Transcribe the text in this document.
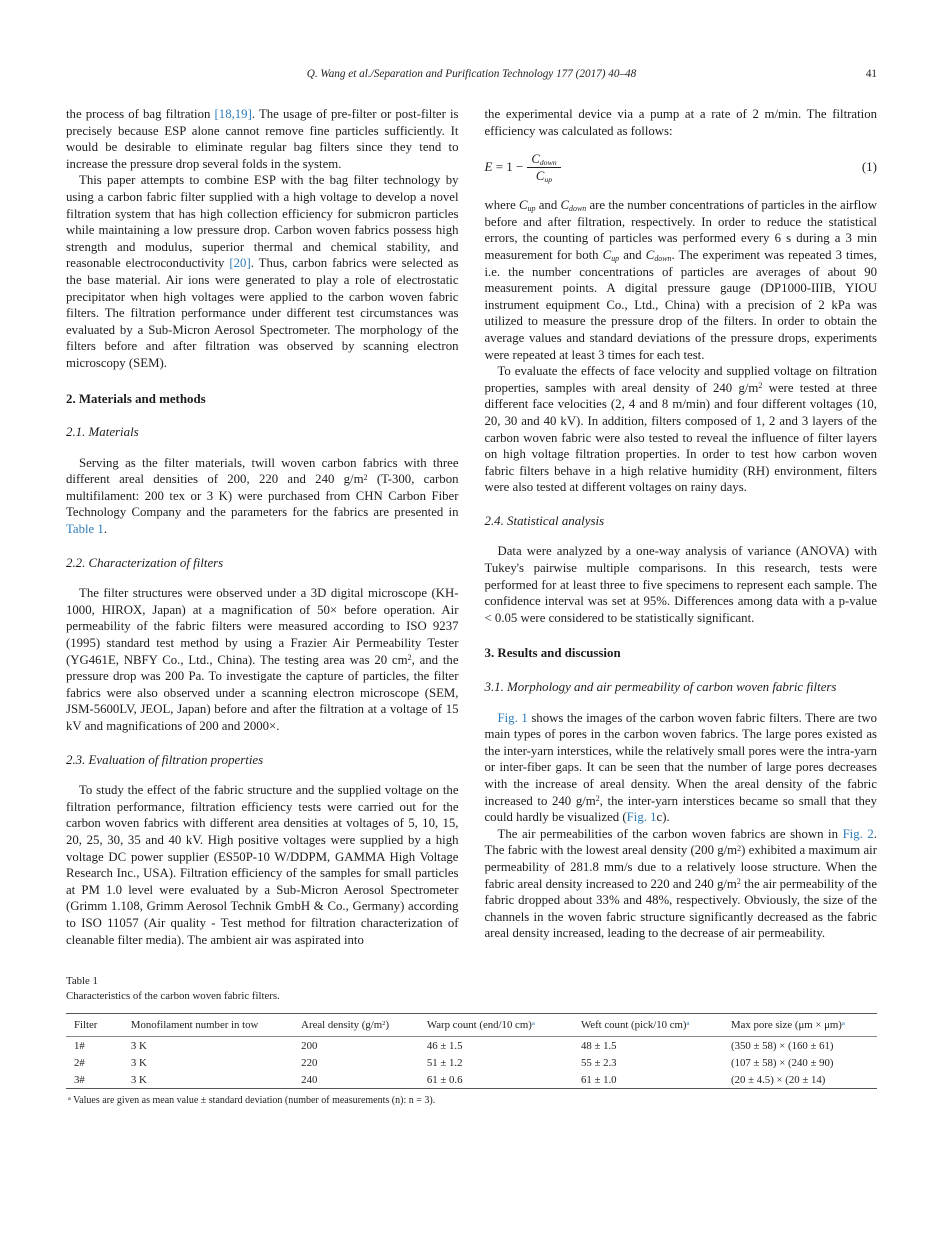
Q. Wang et al./Separation and Purification Technology 177 (2017) 40–48	41

the process of bag filtration [18,19]. The usage of pre-filter or post-filter is precisely because ESP alone cannot remove fine particles sufficiently. It would be desirable to eliminate regular bag filters since they tend to increase the pressure drop several folds in the system.

This paper attempts to combine ESP with the bag filter technology by using a carbon fabric filter supplied with a high voltage to develop a novel filtration system that has high collection efficiency for submicron particles while maintaining a low pressure drop. Carbon woven fabrics possess high strength and modulus, superior thermal and chemical stability, and reasonable electroconductivity [20]. Thus, carbon fabrics were selected as the base material. Air ions were generated to play a role of electrostatic precipitator when high voltages were applied to the carbon woven fabric filters. The filtration performance under different test circumstances was evaluated by a Sub-Micron Aerosol Spectrometer. The morphology of the filters before and after filtration was observed by scanning electron microscopy (SEM).

2. Materials and methods
2.1. Materials

Serving as the filter materials, twill woven carbon fabrics with three different areal densities of 200, 220 and 240 $g/m^2$ (T-300, carbon multifilament: 200 tex or 3 K) were purchased from CHN Carbon Fiber Technology Company and the parameters for the fabrics are presented in Table 1.

2.2. Characterization of filters

The filter structures were observed under a 3D digital microscope (KH-1000, HIROX, Japan) at a magnification of 50× before operation. Air permeability of the fabric filters were measured according to ISO 9237 (1995) standard test method by using a Frazier Air Permeability Tester (YG461E, NBFY Co., Ltd., China). The testing area was 20 $cm^2$, and the pressure drop was 200 Pa. To investigate the capture of particles, the filter fabrics were also observed under a scanning electron microscope (SEM, JSM-5600LV, JEOL, Japan) before and after the filtration at a voltage of 15 kV and magnifications of 200 and 2000×.

2.3. Evaluation of filtration properties

To study the effect of the fabric structure and the supplied voltage on the filtration performance, filtration efficiency tests were carried out for the carbon woven fabrics with different area densities at voltages of 5, 10, 15, 20, 25, 30, 35 and 40 kV. High positive voltages were supplied by a high voltage DC power supplier (ES50P-10 W/DDPM, GAMMA High Voltage Research Inc., USA). Filtration efficiency of the samples for small particles at PM 1.0 level were evaluated by a Sub-Micron Aerosol Spectrometer (Grimm 1.108, Grimm Aerosol Technik GmbH & Co., Germany) according to ISO 11057 (Air quality - Test method for filtration characterization of cleanable filter media). The ambient air was aspirated into

the experimental device via a pump at a rate of 2 m/min. The filtration efficiency was calculated as follows:

$E = 1 - \frac{\text{Cdown}}{\text{Cup}}$	(1)

where Cup and Cdown are the number concentrations of particles in the airflow before and after filtration, respectively. In order to reduce the statistical errors, the counting of particles was performed every 6 s during a 3 min measurement for both Cup and Cdown. The experiment was repeated 3 times, i.e. the number concentrations of particles are averages of about 90 measurement points. A digital pressure gauge (DP1000-IIIB, YIOU instrument equipment Co., Ltd., China) with a precision of 2 kPa was utilized to measure the pressure drop of the filters. In order to obtain the average values and standard deviations of the pressure drops, experiments were repeated at least 3 times for each test.

To evaluate the effects of face velocity and supplied voltage on filtration properties, samples with areal density of 240 $g/m^2$ were tested at three different face velocities (2, 4 and 8 m/min) and four different voltages (10, 20, 30 and 40 kV). In addition, filters composed of 1, 2 and 3 layers of the carbon woven fabric were also tested to reveal the influence of filter layers on high voltage filtration properties. In order to test how carbon woven fabric filters behave in a high relative humidity (RH) environment, filters were also tested at different voltages on rainy days.

2.4. Statistical analysis

Data were analyzed by a one-way analysis of variance (ANOVA) with Tukey's pairwise multiple comparisons. In this research, tests were performed for at least three to five specimens to represent each sample. The confidence interval was set at 95%. Differences among data with a p-value < 0.05 were considered to be statistically significant.

3. Results and discussion
3.1. Morphology and air permeability of carbon woven fabric filters

Fig. 1 shows the images of the carbon woven fabric filters. There are two main types of pores in the carbon woven fabrics. The large pores existed as the inter-yarn interstices, while the relatively small pores were the intra-yarn or inter-fiber gaps. It can be seen that the number of large pores decreases with the increase of areal density. When the areal density of the fabric increased to 240 $g/m^2$, the inter-yarn interstices became so small that they could hardly be visualized (Fig. 1c).

The air permeabilities of the carbon woven fabrics are shown in Fig. 2. The fabric with the lowest areal density (200 $g/m^2$) exhibited a maximum air permeability of 281.8 mm/s due to a relatively loose structure. When the fabric areal density increased to 220 and 240 $g/m^2$ the air permeability of the fabric dropped about 33% and 48%, respectively. Obviously, the size of the channels in the woven fabric structure significantly decreased as the fabric areal density increased, leading to the decrease of air permeability.

Table 1
Characteristics of the carbon woven fabric filters.
Filter	Monofilament number in tow	Areal density $(g/m^2)$	Warp count (end/10 cm)$^a$	Weft count (pick/10 cm)$^a$	Max pore size $(\mu m \times \mu m)^a$
1#	3 K	200	46 ± 1.5	48 ± 1.5	(350 ± 58) × (160 ± 61)
2#	3 K	220	51 ± 1.2	55 ± 2.3	(107 ± 58) × (240 ± 90)
3#	3 K	240	61 ± 0.6	61 ± 1.0	(20 ± 4.5) × (20 ± 14)
$^a$ Values are given as mean value ± standard deviation (number of measurements (n): n = 3).
